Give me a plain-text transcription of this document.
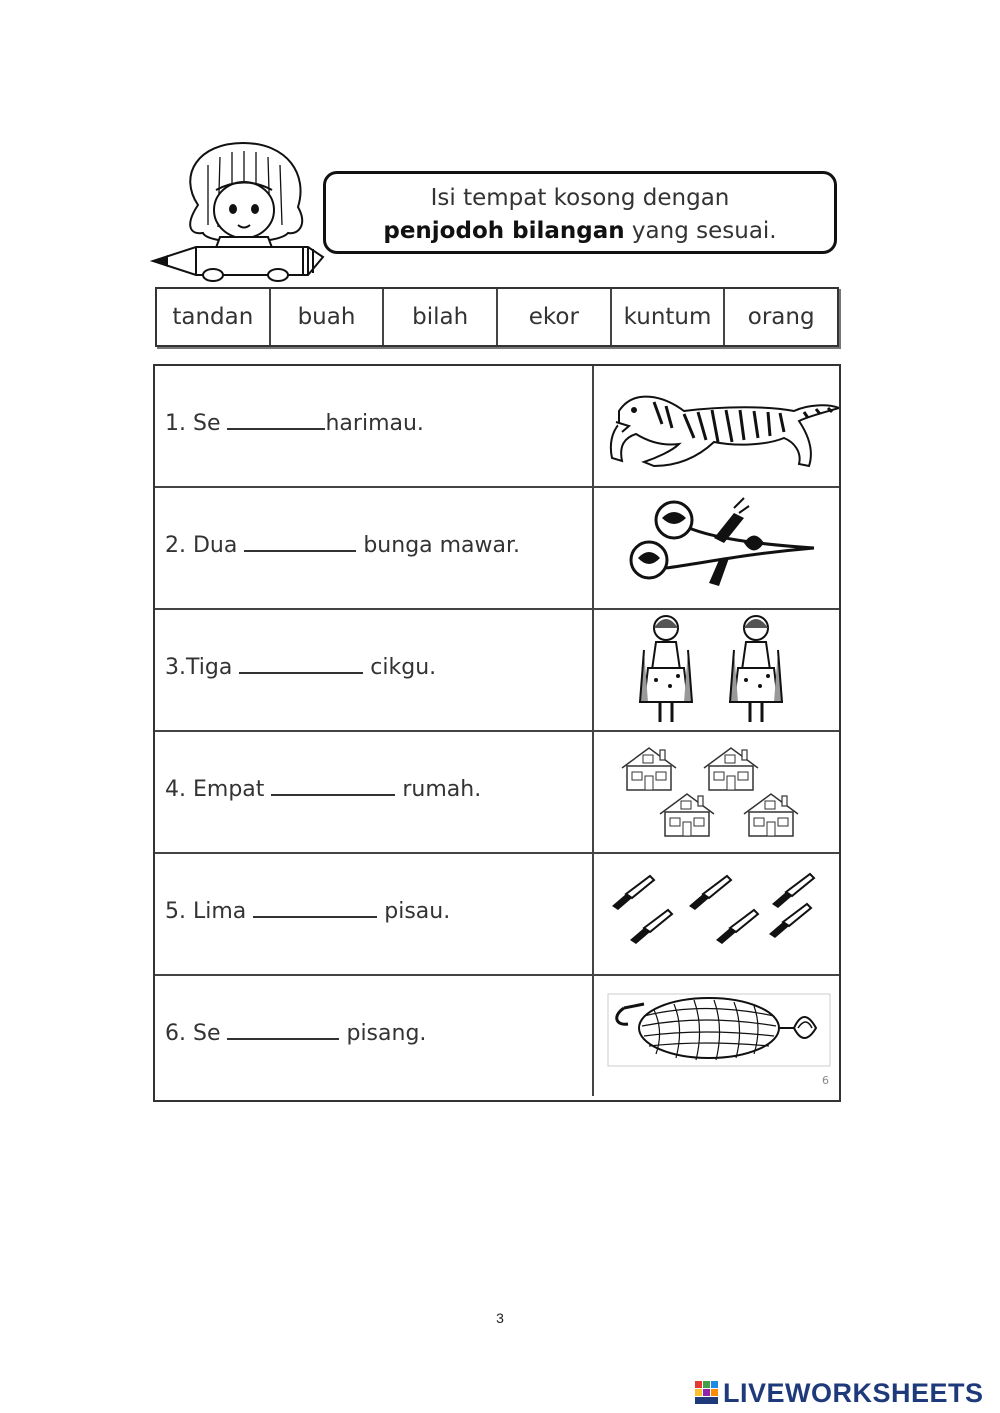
Isi tempat kosong dengan
penjodoh bilangan yang sesuai.
tandan	buah	bilah	ekor	kuntum	orang
1. Se	harimau.
2. Dua	bunga mawar.
3.Tiga	cikgu.
4. Empat	rumah.
5. Lima	pisau.
6. Se	pisang.
6
3
LIVEWORKSHEETS
